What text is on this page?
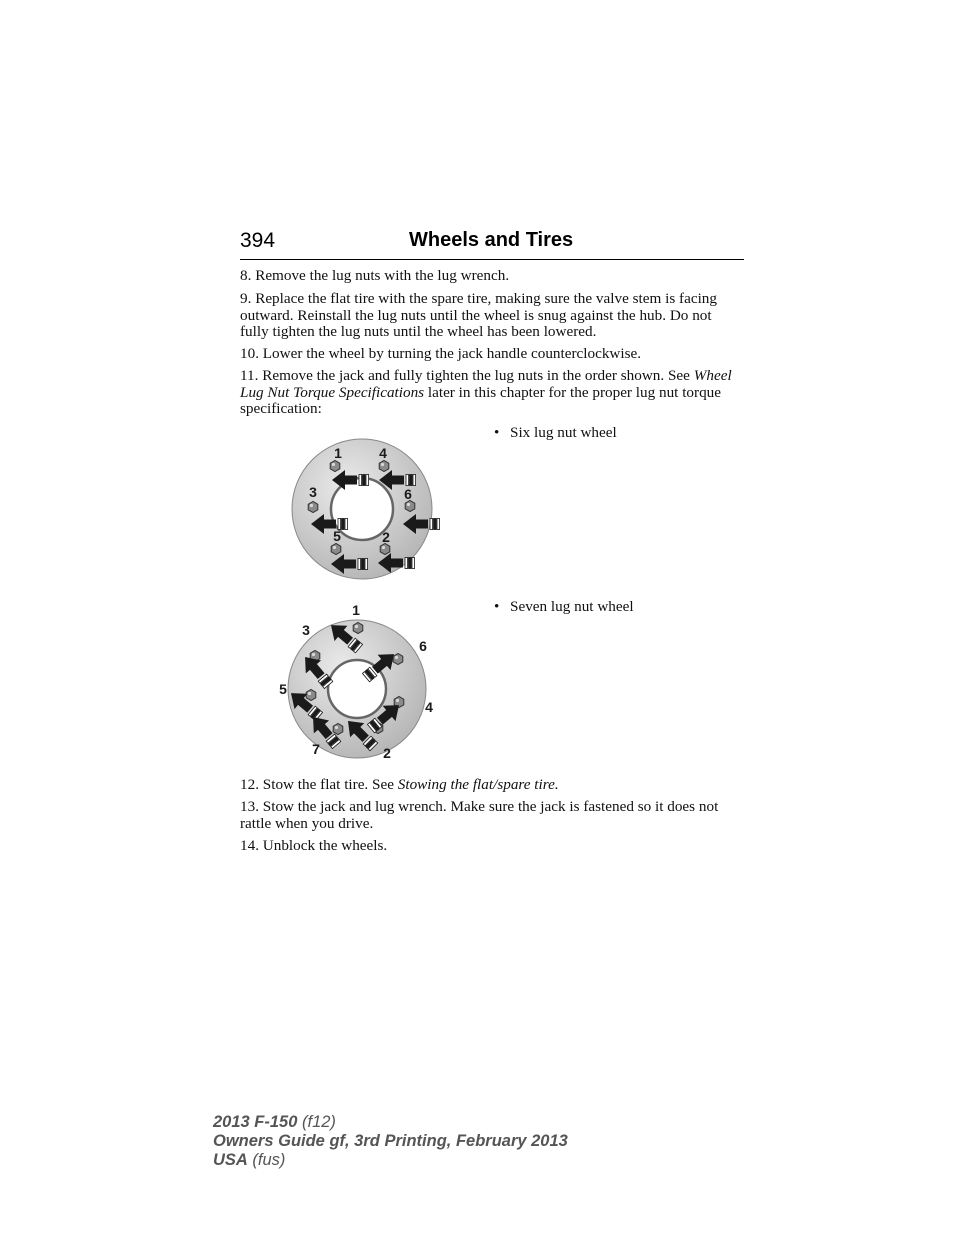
394	Wheels and Tires

8. Remove the lug nuts with the lug wrench.

9. Replace the flat tire with the spare tire, making sure the valve stem is facing outward. Reinstall the lug nuts until the wheel is snug against the hub. Do not fully tighten the lug nuts until the wheel has been lowered.

10. Lower the wheel by turning the jack handle counterclockwise.

11. Remove the jack and fully tighten the lug nuts in the order shown. See Wheel Lug Nut Torque Specifications later in this chapter for the proper lug nut torque specification:

• Six lug nut wheel
• Seven lug nut wheel
1	4
3	6
5	2
1
3
6
5
4
7	2

12. Stow the flat tire. See Stowing the flat/spare tire.

13. Stow the jack and lug wrench. Make sure the jack is fastened so it does not rattle when you drive.

14. Unblock the wheels.

2013 F-150 (f12)
Owners Guide gf, 3rd Printing, February 2013
USA (fus)
